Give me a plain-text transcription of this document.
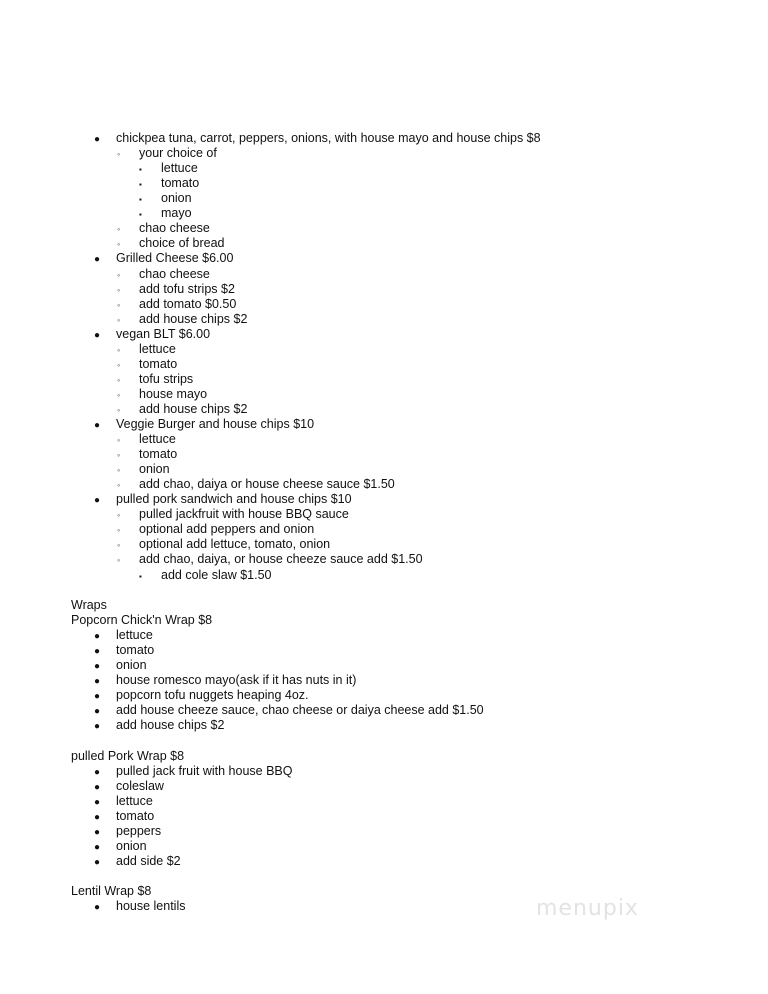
● chickpea tuna, carrot, peppers, onions, with house mayo and house chips $8
◦ your choice of
▪ lettuce
▪ tomato
▪ onion
▪ mayo
◦ chao cheese
◦ choice of bread
● Grilled Cheese $6.00
◦ chao cheese
◦ add tofu strips $2
◦ add tomato $0.50
◦ add house chips $2
● vegan BLT $6.00
◦ lettuce
◦ tomato
◦ tofu strips
◦ house mayo
◦ add house chips $2
● Veggie Burger and house chips $10
◦ lettuce
◦ tomato
◦ onion
◦ add chao, daiya or house cheese sauce $1.50
● pulled pork sandwich and house chips $10
◦ pulled jackfruit with house BBQ sauce
◦ optional add peppers and onion
◦ optional add lettuce, tomato, onion
◦ add chao, daiya, or house cheeze sauce add $1.50
▪ add cole slaw $1.50
Wraps
Popcorn Chick'n Wrap $8
● lettuce
● tomato
● onion
● house romesco mayo(ask if it has nuts in it)
● popcorn tofu nuggets heaping 4oz.
● add house cheeze sauce, chao cheese or daiya cheese add $1.50
● add house chips $2
pulled Pork Wrap $8
● pulled jack fruit with house BBQ
● coleslaw
● lettuce
● tomato
● peppers
● onion
● add side $2
Lentil Wrap $8
● house lentils	menupix
